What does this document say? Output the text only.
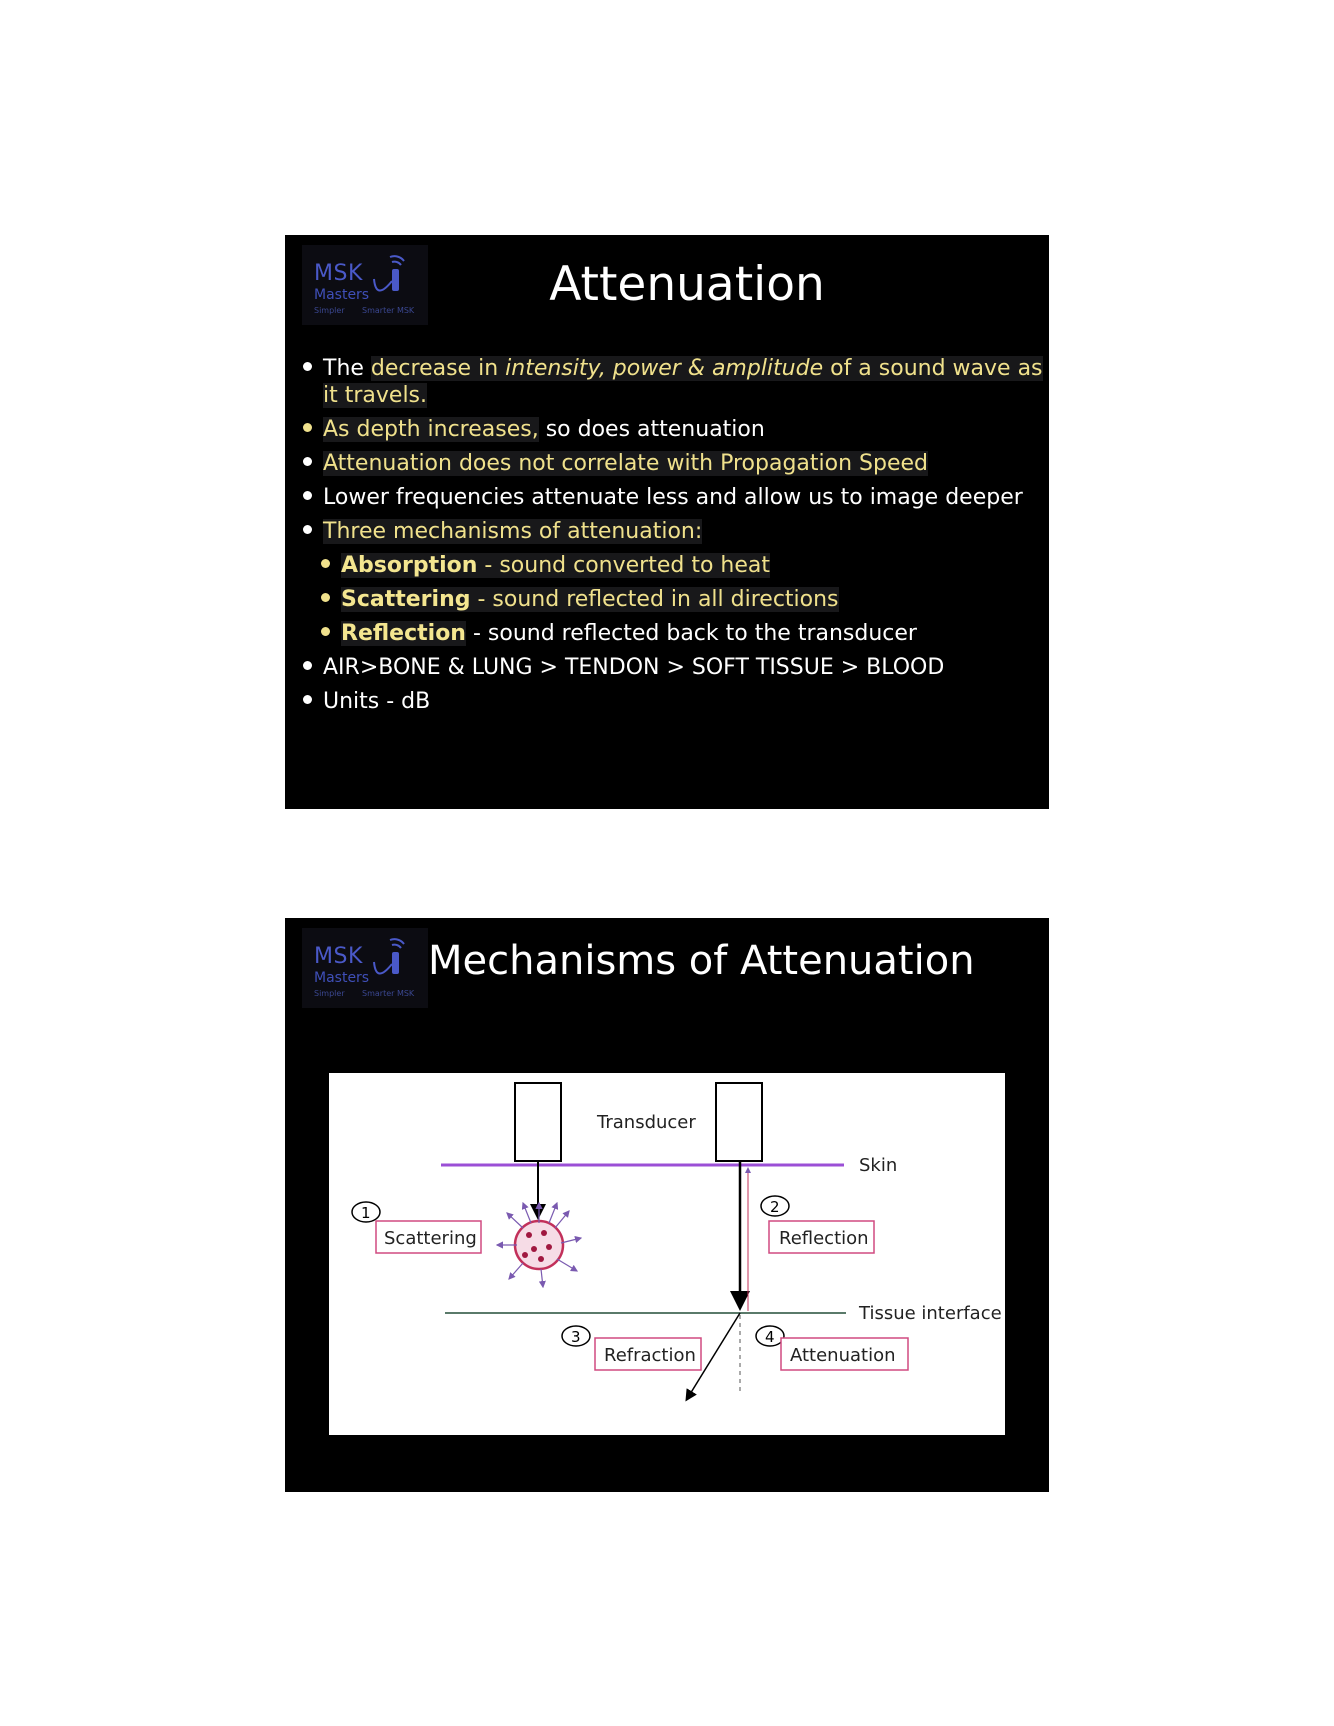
MSK
Masters
Simpler Smarter MSK	Attenuation
The decrease in intensity, power & amplitude of a sound wave as it travels.
As depth increases, so does attenuation
Attenuation does not correlate with Propagation Speed
Lower frequencies attenuate less and allow us to image deeper
Three mechanisms of attenuation:
Absorption - sound converted to heat
Scattering - sound reflected in all directions
Reflection - sound reflected back to the transducer
AIR>BONE & LUNG > TENDON > SOFT TISSUE > BLOOD
Units - dB
MSK
Masters
Simpler Smarter MSK
Mechanisms of Attenuation
Transducer
Skin
Tissue interface
1
Scattering
2
Reflection
3
Refraction
4
Attenuation
